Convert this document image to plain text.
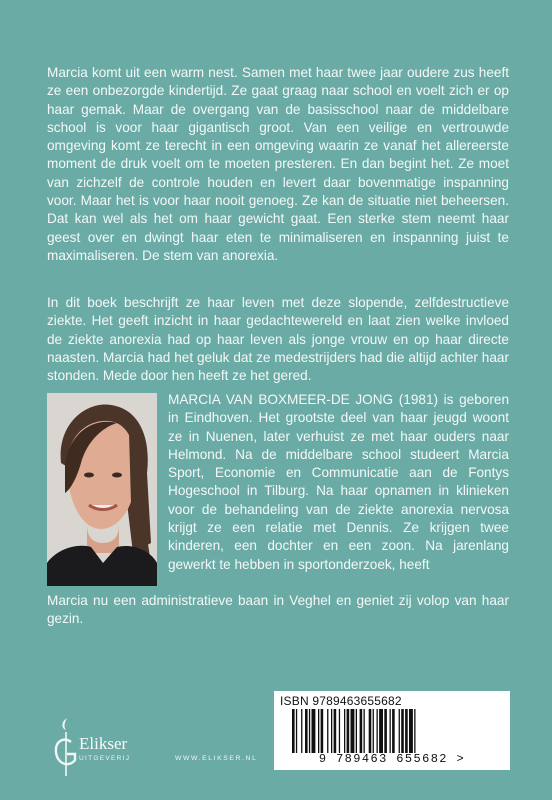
Marcia komt uit een warm nest. Samen met haar twee jaar oudere zus heeft ze een onbezorgde kindertijd. Ze gaat graag naar school en voelt zich er op haar gemak. Maar de overgang van de basisschool naar de middelbare school is voor haar gigantisch groot. Van een veilige en vertrouwde omgeving komt ze terecht in een omgeving waarin ze vanaf het allereerste moment de druk voelt om te moeten presteren. En dan begint het. Ze moet van zichzelf de controle houden en levert daar bovenmatige inspanning voor. Maar het is voor haar nooit genoeg. Ze kan de situatie niet beheersen. Dat kan wel als het om haar gewicht gaat. Een sterke stem neemt haar geest over en dwingt haar eten te minimaliseren en inspanning juist te maximaliseren. De stem van anorexia.

In dit boek beschrijft ze haar leven met deze slopende, zelfdestructieve ziekte. Het geeft inzicht in haar gedachtewereld en laat zien welke invloed de ziekte anorexia had op haar leven als jonge vrouw en op haar directe naasten. Marcia had het geluk dat ze medestrijders had die altijd achter haar stonden. Mede door hen heeft ze het gered.

MARCIA VAN BOXMEER-DE JONG (1981) is geboren in Eindhoven. Het grootste deel van haar jeugd woont ze in Nuenen, later verhuist ze met haar ouders naar Helmond. Na de middelbare school studeert Marcia Sport, Economie en Communicatie aan de Fontys Hogeschool in Tilburg. Na haar opnamen in klinieken voor de behandeling van de ziekte anorexia nervosa krijgt ze een relatie met Dennis. Ze krijgen twee kinderen, een dochter en een zoon. Na jarenlang gewerkt te hebben in sportonderzoek, heeft

Marcia nu een administratieve baan in Veghel en geniet zij volop van haar gezin.

Elikser
UITGEVERIJ	WWW.ELIKSER.NL
ISBN 9789463655682
9 789463 655682 >
